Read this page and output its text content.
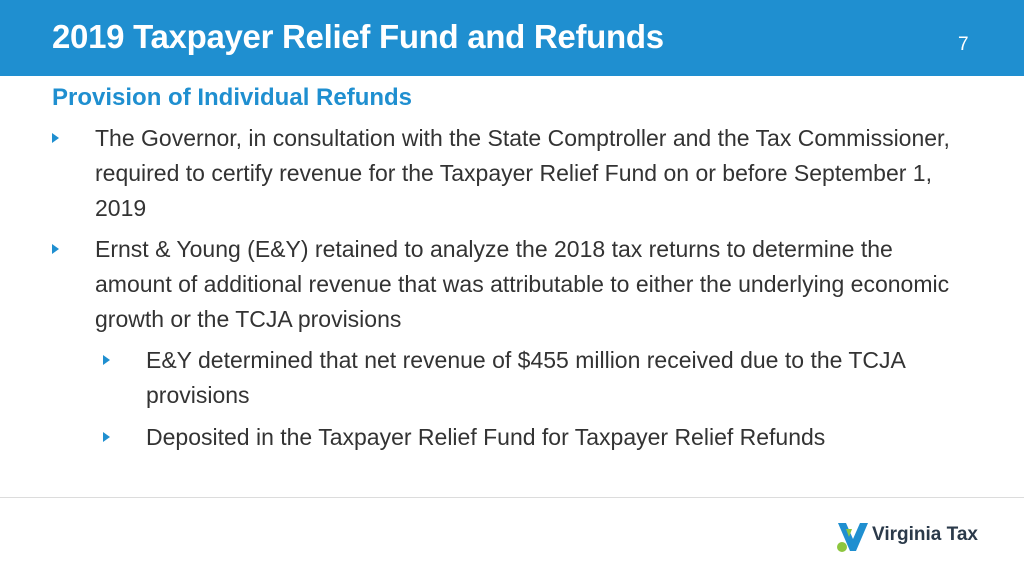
2019 Taxpayer Relief Fund and Refunds	7
Provision of Individual Refunds
The Governor, in consultation with the State Comptroller and the Tax Commissioner, required to certify revenue for the Taxpayer Relief Fund on or before September 1, 2019
Ernst & Young (E&Y) retained to analyze the 2018 tax returns to determine the amount of additional revenue that was attributable to either the underlying economic growth or the TCJA provisions
E&Y determined that net revenue of $455 million received due to the TCJA provisions
Deposited in the Taxpayer Relief Fund for Taxpayer Relief Refunds
Virginia Tax
